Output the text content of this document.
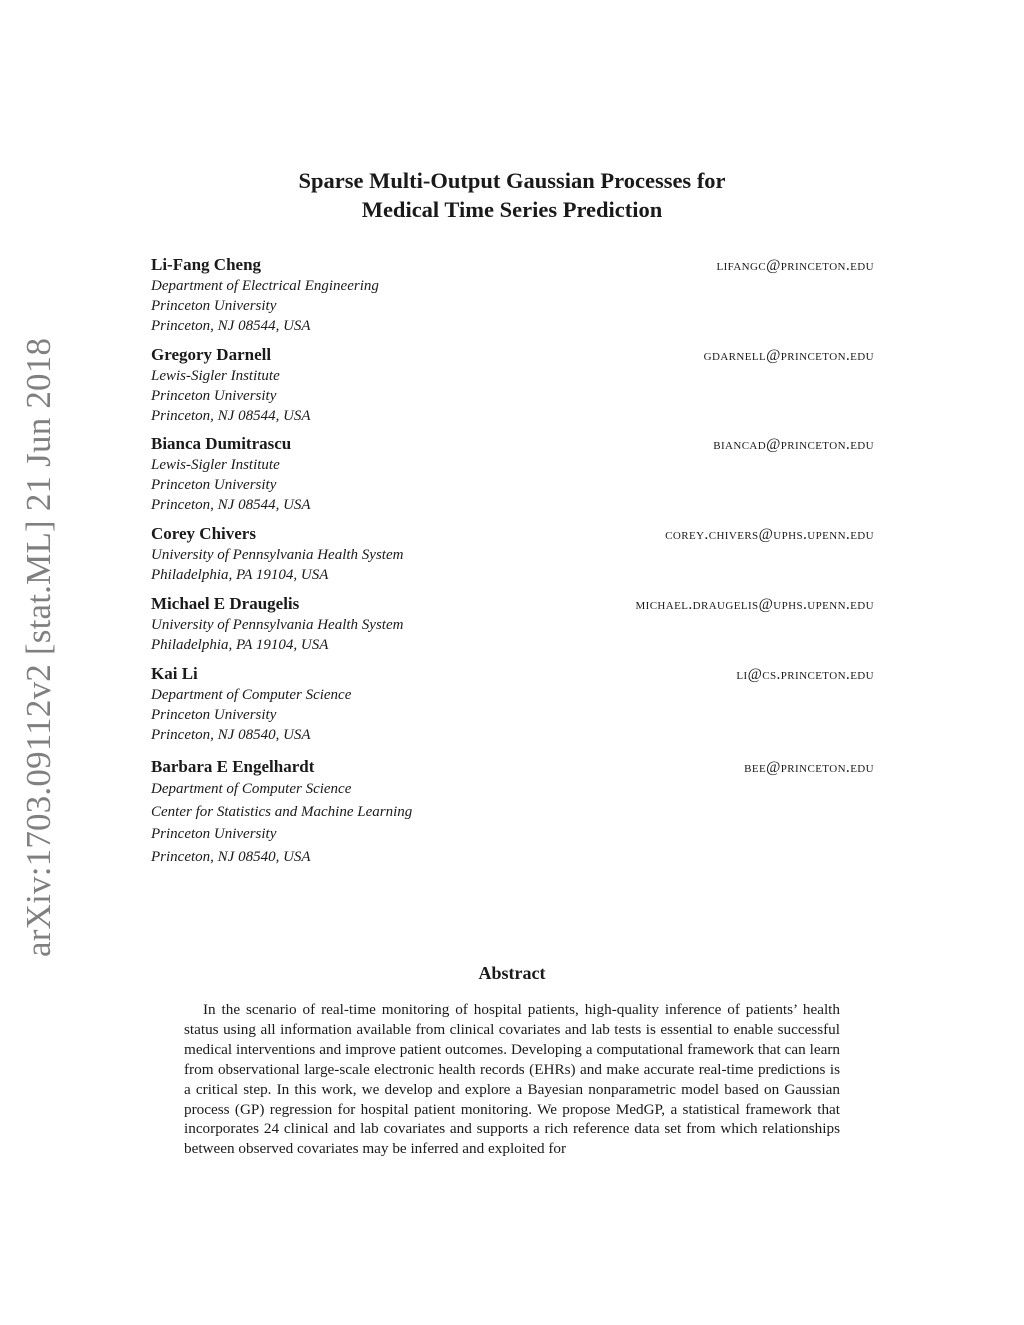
arXiv:1703.09112v2 [stat.ML] 21 Jun 2018
Sparse Multi-Output Gaussian Processes for
Medical Time Series Prediction
Li-Fang Cheng	lifangc@princeton.edu
Department of Electrical Engineering
Princeton University
Princeton, NJ 08544, USA
Gregory Darnell	gdarnell@princeton.edu
Lewis-Sigler Institute
Princeton University
Princeton, NJ 08544, USA
Bianca Dumitrascu	biancad@princeton.edu
Lewis-Sigler Institute
Princeton University
Princeton, NJ 08544, USA
Corey Chivers	corey.chivers@uphs.upenn.edu
University of Pennsylvania Health System
Philadelphia, PA 19104, USA
Michael E Draugelis	michael.draugelis@uphs.upenn.edu
University of Pennsylvania Health System
Philadelphia, PA 19104, USA
Kai Li	li@cs.princeton.edu
Department of Computer Science
Princeton University
Princeton, NJ 08540, USA
Barbara E Engelhardt	bee@princeton.edu
Department of Computer Science
Center for Statistics and Machine Learning
Princeton University
Princeton, NJ 08540, USA
Abstract
In the scenario of real-time monitoring of hospital patients, high-quality inference of patients’ health status using all information available from clinical covariates and lab tests is essential to enable successful medical interventions and improve patient outcomes. Developing a computational framework that can learn from observational large-scale electronic health records (EHRs) and make accurate real-time predictions is a critical step. In this work, we develop and explore a Bayesian nonparametric model based on Gaussian process (GP) regression for hospital patient monitoring. We propose MedGP, a statistical framework that incorporates 24 clinical and lab covariates and supports a rich reference data set from which relationships between observed covariates may be inferred and exploited for
